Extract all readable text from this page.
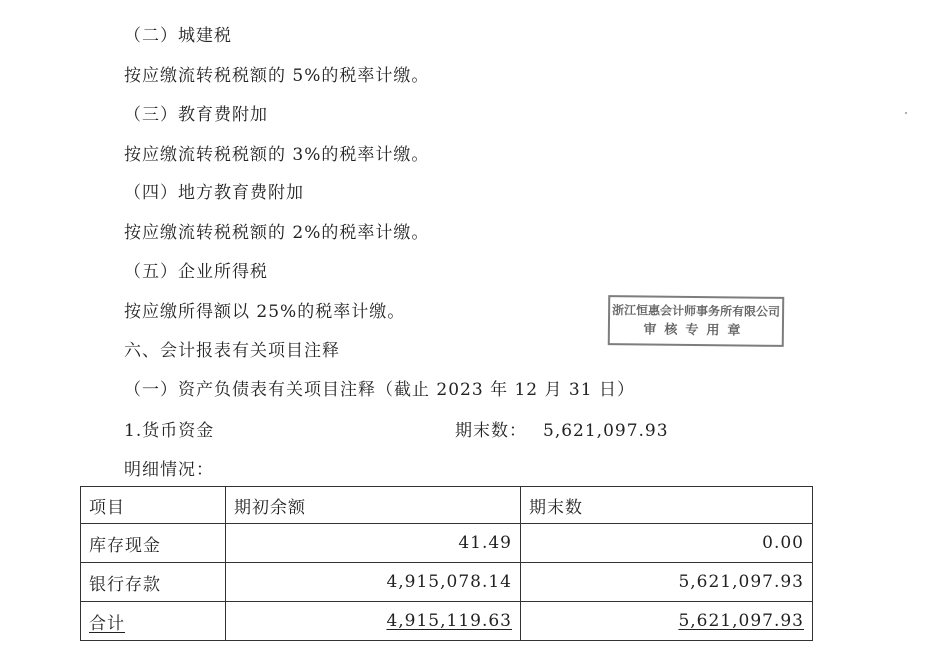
（二）城建税
按应缴流转税税额的 5%的税率计缴。
（三）教育费附加
按应缴流转税税额的 3%的税率计缴。
（四）地方教育费附加
按应缴流转税税额的 2%的税率计缴。
（五）企业所得税
按应缴所得额以 25%的税率计缴。
六、会计报表有关项目注释
（一）资产负债表有关项目注释（截止 2023 年 12 月 31 日）
1.货币资金	期末数： 5,621,097.93
明细情况：
浙江恒惠会计师事务所有限公司
审核专用章
项目	期初余额	期末数
库存现金	41.49	0.00
银行存款	4,915,078.14	5,621,097.93
合计	4,915,119.63	5,621,097.93
